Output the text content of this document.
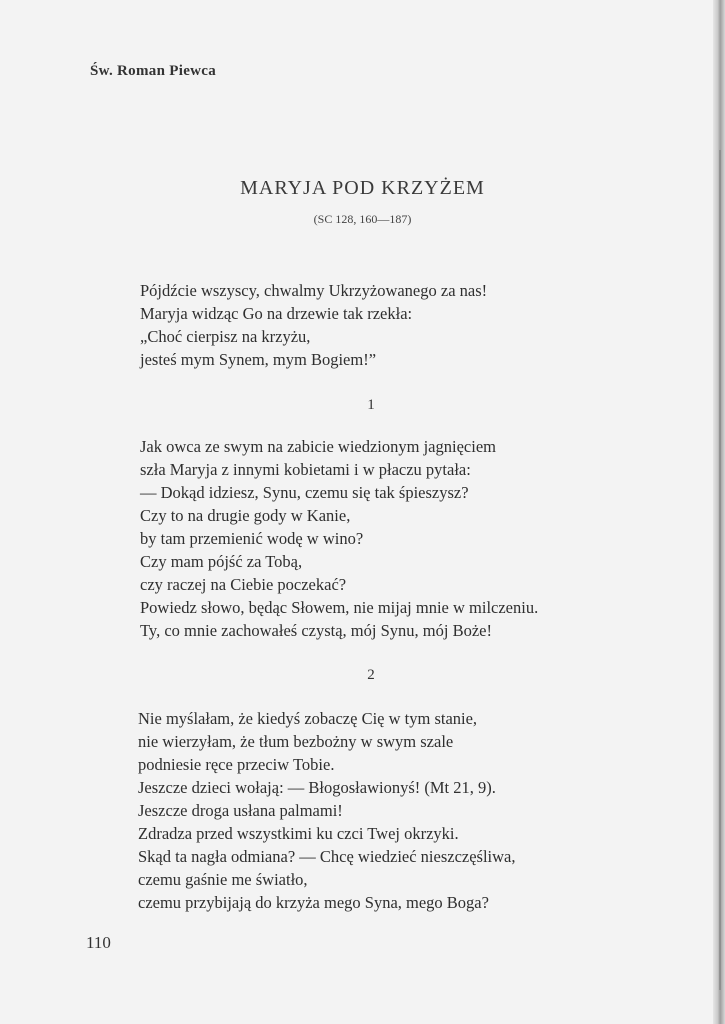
Św. Roman Piewca
MARYJA POD KRZYŻEM
(SC 128, 160—187)
Pójdźcie wszyscy, chwalmy Ukrzyżowanego za nas!
Maryja widząc Go na drzewie tak rzekła:
„Choć cierpisz na krzyżu,
jesteś mym Synem, mym Bogiem!”
1
Jak owca ze swym na zabicie wiedzionym jagnięciem
szła Maryja z innymi kobietami i w płaczu pytała:
— Dokąd idziesz, Synu, czemu się tak śpieszysz?
Czy to na drugie gody w Kanie,
by tam przemienić wodę w wino?
Czy mam pójść za Tobą,
czy raczej na Ciebie poczekać?
Powiedz słowo, będąc Słowem, nie mijaj mnie w milczeniu.
Ty, co mnie zachowałeś czystą, mój Synu, mój Boże!
2
Nie myślałam, że kiedyś zobaczę Cię w tym stanie,
nie wierzyłam, że tłum bezbożny w swym szale
podniesie ręce przeciw Tobie.
Jeszcze dzieci wołają: — Błogosławionyś! (Mt 21, 9).
Jeszcze droga usłana palmami!
Zdradza przed wszystkimi ku czci Twej okrzyki.
Skąd ta nagła odmiana? — Chcę wiedzieć nieszczęśliwa,
czemu gaśnie me światło,
czemu przybijają do krzyża mego Syna, mego Boga?
110
